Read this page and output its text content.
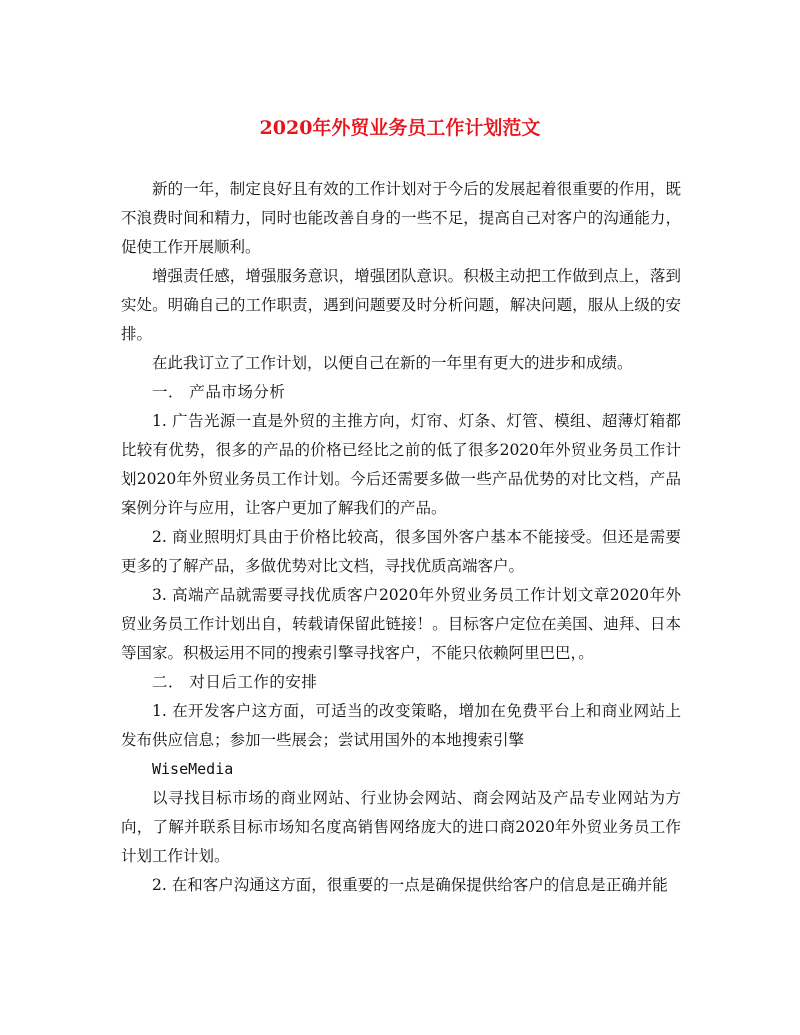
2020年外贸业务员工作计划范文

新的一年，制定良好且有效的工作计划对于今后的发展起着很重要的作用，既不浪费时间和精力，同时也能改善自身的一些不足，提高自己对客户的沟通能力，促使工作开展顺利。

增强责任感，增强服务意识，增强团队意识。积极主动把工作做到点上，落到实处。明确自己的工作职责，遇到问题要及时分析问题，解决问题，服从上级的安排。

在此我订立了工作计划，以便自己在新的一年里有更大的进步和成绩。

一． 产品市场分析

1. 广告光源一直是外贸的主推方向，灯帘、灯条、灯管、模组、超薄灯箱都比较有优势，很多的产品的价格已经比之前的低了很多2020年外贸业务员工作计划2020年外贸业务员工作计划。今后还需要多做一些产品优势的对比文档，产品案例分许与应用，让客户更加了解我们的产品。

2. 商业照明灯具由于价格比较高，很多国外客户基本不能接受。但还是需要更多的了解产品，多做优势对比文档，寻找优质高端客户。

3. 高端产品就需要寻找优质客户2020年外贸业务员工作计划文章2020年外贸业务员工作计划出自，转载请保留此链接！。目标客户定位在美国、迪拜、日本等国家。积极运用不同的搜索引擎寻找客户，不能只依赖阿里巴巴，。

二． 对日后工作的安排

1. 在开发客户这方面，可适当的改变策略，增加在免费平台上和商业网站上发布供应信息；参加一些展会；尝试用国外的本地搜索引擎

WiseMedia

以寻找目标市场的商业网站、行业协会网站、商会网站及产品专业网站为方向，了解并联系目标市场知名度高销售网络庞大的进口商2020年外贸业务员工作计划工作计划。

2. 在和客户沟通这方面，很重要的一点是确保提供给客户的信息是正确并能
